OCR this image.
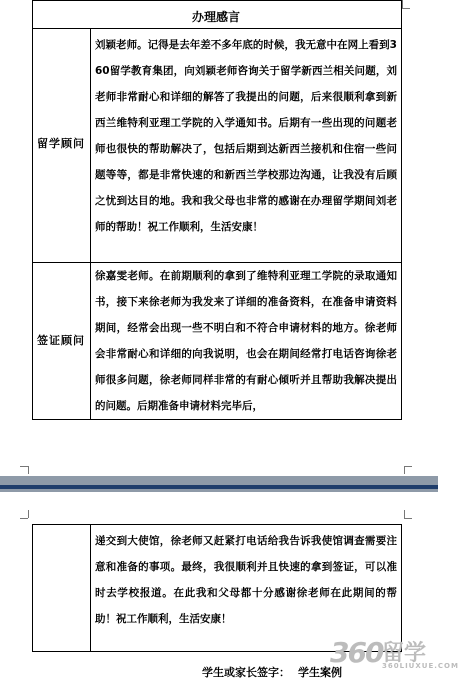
办理感言
留学顾问
刘颖老师。记得是去年差不多年底的时候，我无意中在网上看到360留学教育集团，向刘颖老师咨询关于留学新西兰相关问题，刘老师非常耐心和详细的解答了我提出的问题，后来很顺利拿到新西兰维特利亚理工学院的入学通知书。后期有一些出现的问题老师也很快的帮助解决了，包括后期到达新西兰接机和住宿一些问题等等，都是非常快速的和新西兰学校那边沟通，让我没有后顾之忧到达目的地。我和我父母也非常的感谢在办理留学期间刘老师的帮助！祝工作顺利，生活安康！
签证顾问
徐嘉雯老师。在前期顺利的拿到了维特利亚理工学院的录取通知书，接下来徐老师为我发来了详细的准备资料，在准备申请资料期间，经常会出现一些不明白和不符合申请材料的地方。徐老师会非常耐心和详细的向我说明，也会在期间经常打电话咨询徐老师很多问题，徐老师同样非常的有耐心倾听并且帮助我解决提出的问题。后期准备申请材料完毕后，
递交到大使馆，徐老师又赶紧打电话给我告诉我使馆调查需要注意和准备的事项。最终，我很顺利并且快速的拿到签证，可以准时去学校报道。在此我和父母都十分感谢徐老师在此期间的帮助！祝工作顺利，生活安康！
学生或家长签字： 学生案例
360 留学
360LIUXUE.COM
